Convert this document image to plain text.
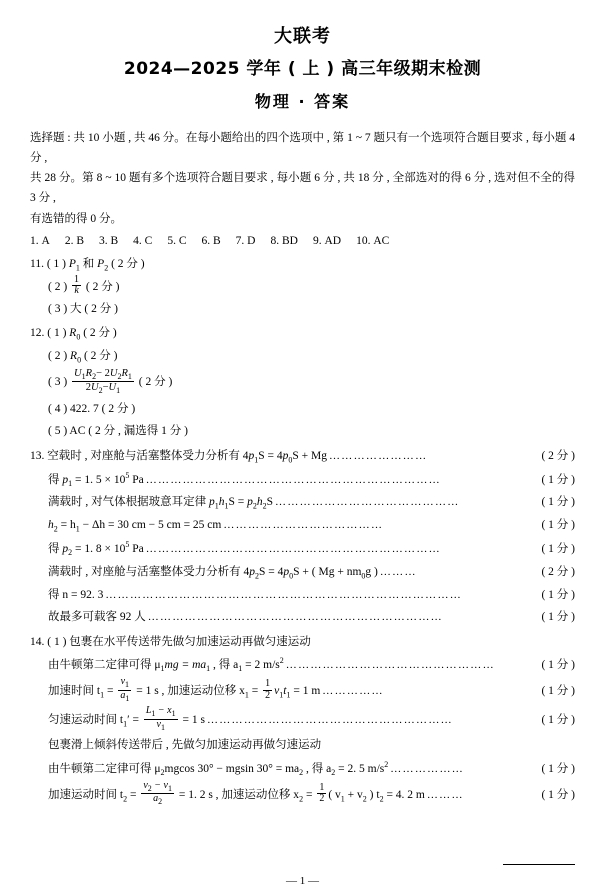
大联考
2024—2025 学年 ( 上 ) 高三年级期末检测
物理 · 答案
选择题 : 共 10 小题 , 共 46 分。在每小题给出的四个选项中 , 第 1 ~ 7 题只有一个选项符合题目要求 , 每小题 4 分 ,
共 28 分。第 8 ~ 10 题有多个选项符合题目要求 , 每小题 6 分 , 共 18 分 , 全部选对的得 6 分 , 选对但不全的得 3 分 ,
有选错的得 0 分。
1. A 2. B 3. B 4. C 5. C 6. B 7. D 8. BD 9. AD 10. AC
11. ( 1 ) $P_1$ 和 $P_2$ ( 2 分 )
( 2 ) $\frac{1}{k}$ ( 2 分 )
( 3 ) 大 ( 2 分 )
12. ( 1 ) $R_0$ ( 2 分 )
( 2 ) $R_0$ ( 2 分 )
( 3 ) $\frac{U_1R_2- 2U_2R_1}{2U_2-U_1}$ ( 2 分 )
( 4 ) 422. 7 ( 2 分 )
( 5 ) AC ( 2 分 , 漏选得 1 分 )
13. 空载时 , 对座舱与活塞整体受力分析有 $4p_1S = 4p_0S + Mg$ ……………………	( 2 分 )
得 $p_1 = 1$. $5 \times 10^5$ Pa ………………………………………………………………	( 1 分 )
满载时 , 对气体根据玻意耳定律 $p_1h_1S = p_2h_2S$ ………………………………………	( 1 分 )
$h_2 = h_1 - \Delta h = 30$ cm − 5 cm = 25 cm …………………………………	( 1 分 )
得 $p_2 = 1$. $8 \times 10^5$ Pa ………………………………………………………………	( 1 分 )
满载时 , 对座舱与活塞整体受力分析有 $4p_2S = 4p_0S$ + ( $Mg + nm_0g$ ) ………	( 2 分 )
得 n = 92. 3 ……………………………………………………………………………	( 1 分 )
故最多可载客 92 人 ………………………………………………………………	( 1 分 )
14. ( 1 ) 包裹在水平传送带先做匀加速运动再做匀速运动
由牛顿第二定律可得 $\mu_1mg = ma_1$ , 得 $a_1 = 2$ $m/s^2$ ……………………………………………	( 1 分 )
加速时间 $t_1 = \frac{v_1}{a_1} = 1$ s , 加速运动位移 $x_1 = \frac{1}{2} v_1t_1 = 1$ m ……………	( 1 分 )
匀速运动时间 $t_1' = \frac{L_1 - x_1}{v_1} = 1$ s ……………………………………………………	( 1 分 )
包裹滑上倾斜传送带后 , 先做匀加速运动再做匀速运动
由牛顿第二定律可得 $\mu_2mgcos$ 30° − mgsin $30^\circ = ma_2$ , 得 $a_2 = 2$. 5 $m/s^2$ ………………	( 1 分 )
加速运动时间 $t_2 = \frac{v_2 - v_1}{a_2} = 1$. 2 s , 加速运动位移 $x_2 = \frac{1}{2}$ ( $v_1 + v_2$ ) $t_2 = 4$. 2 m ………	( 1 分 )
— 1 —
